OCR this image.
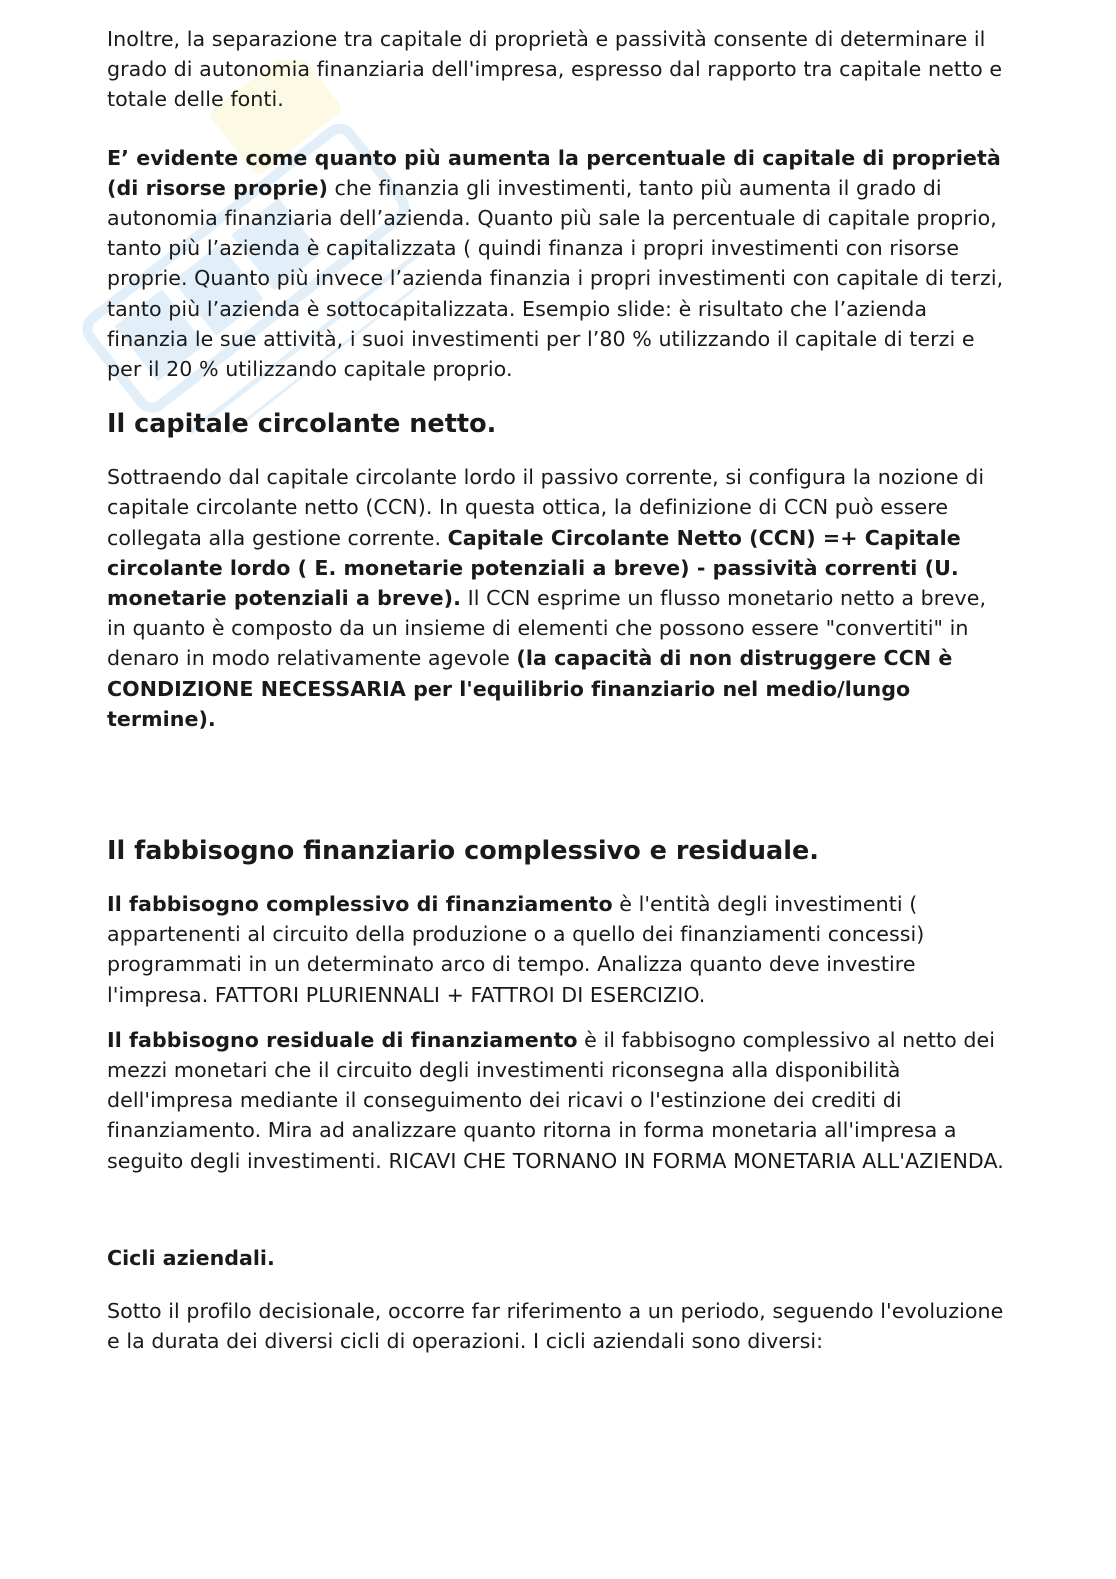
Inoltre, la separazione tra capitale di proprietà e passività consente di determinare il grado di autonomia finanziaria dell'impresa, espresso dal rapporto tra capitale netto e totale delle fonti.

E’ evidente come quanto più aumenta la percentuale di capitale di proprietà (di risorse proprie) che finanzia gli investimenti, tanto più aumenta il grado di autonomia finanziaria dell’azienda. Quanto più sale la percentuale di capitale proprio, tanto più l’azienda è capitalizzata ( quindi finanza i propri investimenti con risorse proprie. Quanto più invece l’azienda finanzia i propri investimenti con capitale di terzi, tanto più l’azienda è sottocapitalizzata. Esempio slide: è risultato che l’azienda finanzia le sue attività, i suoi investimenti per l’80 % utilizzando il capitale di terzi e per il 20 % utilizzando capitale proprio.

Il capitale circolante netto.

Sottraendo dal capitale circolante lordo il passivo corrente, si configura la nozione di capitale circolante netto (CCN). In questa ottica, la definizione di CCN può essere collegata alla gestione corrente. Capitale Circolante Netto (CCN) =+ Capitale circolante lordo ( E. monetarie potenziali a breve) - passività correnti (U. monetarie potenziali a breve). Il CCN esprime un flusso monetario netto a breve, in quanto è composto da un insieme di elementi che possono essere "convertiti" in denaro in modo relativamente agevole (la capacità di non distruggere CCN è CONDIZIONE NECESSARIA per l'equilibrio finanziario nel medio/lungo termine).

Il fabbisogno finanziario complessivo e residuale.

Il fabbisogno complessivo di finanziamento è l'entità degli investimenti ( appartenenti al circuito della produzione o a quello dei finanziamenti concessi) programmati in un determinato arco di tempo. Analizza quanto deve investire l'impresa. FATTORI PLURIENNALI + FATTROI DI ESERCIZIO.

Il fabbisogno residuale di finanziamento è il fabbisogno complessivo al netto dei mezzi monetari che il circuito degli investimenti riconsegna alla disponibilità dell'impresa mediante il conseguimento dei ricavi o l'estinzione dei crediti di finanziamento. Mira ad analizzare quanto ritorna in forma monetaria all'impresa a seguito degli investimenti. RICAVI CHE TORNANO IN FORMA MONETARIA ALL'AZIENDA.

Cicli aziendali.

Sotto il profilo decisionale, occorre far riferimento a un periodo, seguendo l'evoluzione e la durata dei diversi cicli di operazioni. I cicli aziendali sono diversi:
